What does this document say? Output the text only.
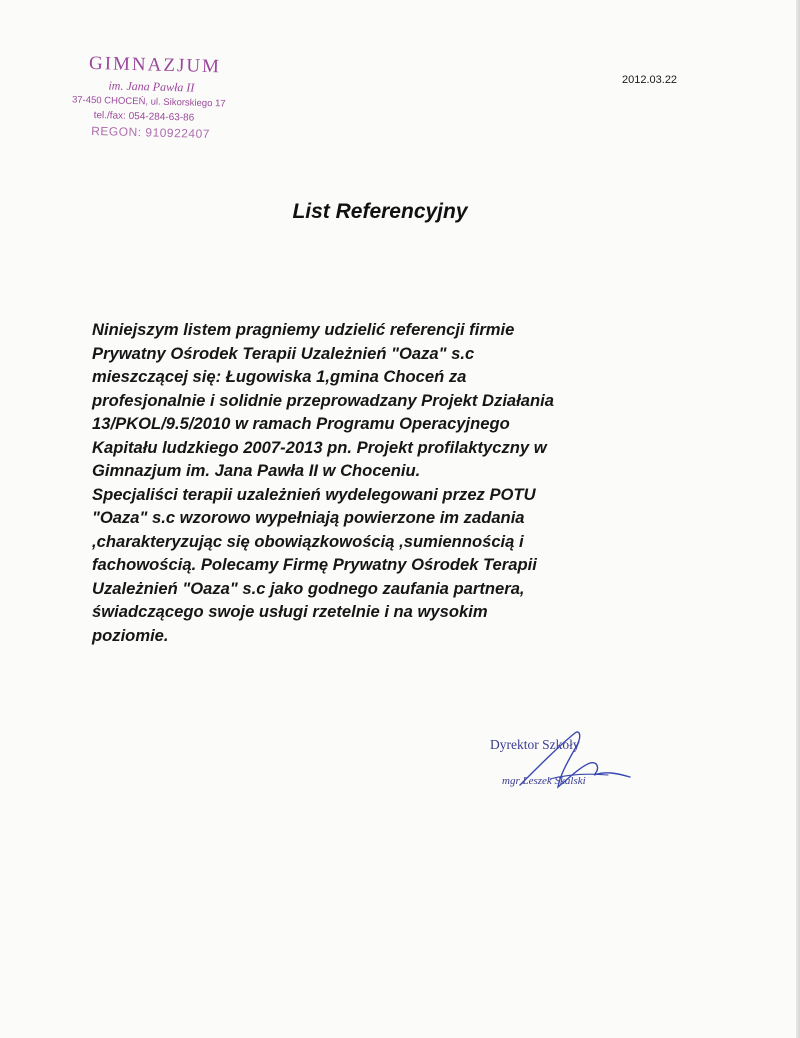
GIMNAZJUM
im. Jana Pawła II
37-450 CHOCEŃ, ul. Sikorskiego 17
tel./fax: 054-284-63-86
REGON: 910922407
2012.03.22
List Referencyjny
Niniejszym listem pragniemy udzielić referencji firmie
Prywatny Ośrodek Terapii Uzależnień "Oaza" s.c
mieszczącej się: Ługowiska 1,gmina Choceń za
profesjonalnie i solidnie przeprowadzany Projekt Działania
13/PKOL/9.5/2010 w ramach Programu Operacyjnego
Kapitału ludzkiego 2007-2013 pn. Projekt profilaktyczny w
Gimnazjum im. Jana Pawła II w Choceniu.
Specjaliści terapii uzależnień wydelegowani przez POTU
"Oaza" s.c wzorowo wypełniają powierzone im zadania
,charakteryzując się obowiązkowością ,sumiennością i
fachowością. Polecamy Firmę Prywatny Ośrodek Terapii
Uzależnień "Oaza" s.c jako godnego zaufania partnera,
świadczącego swoje usługi rzetelnie i na wysokim
poziomie.
Dyrektor Szkoły
mgr Leszek Skalski
